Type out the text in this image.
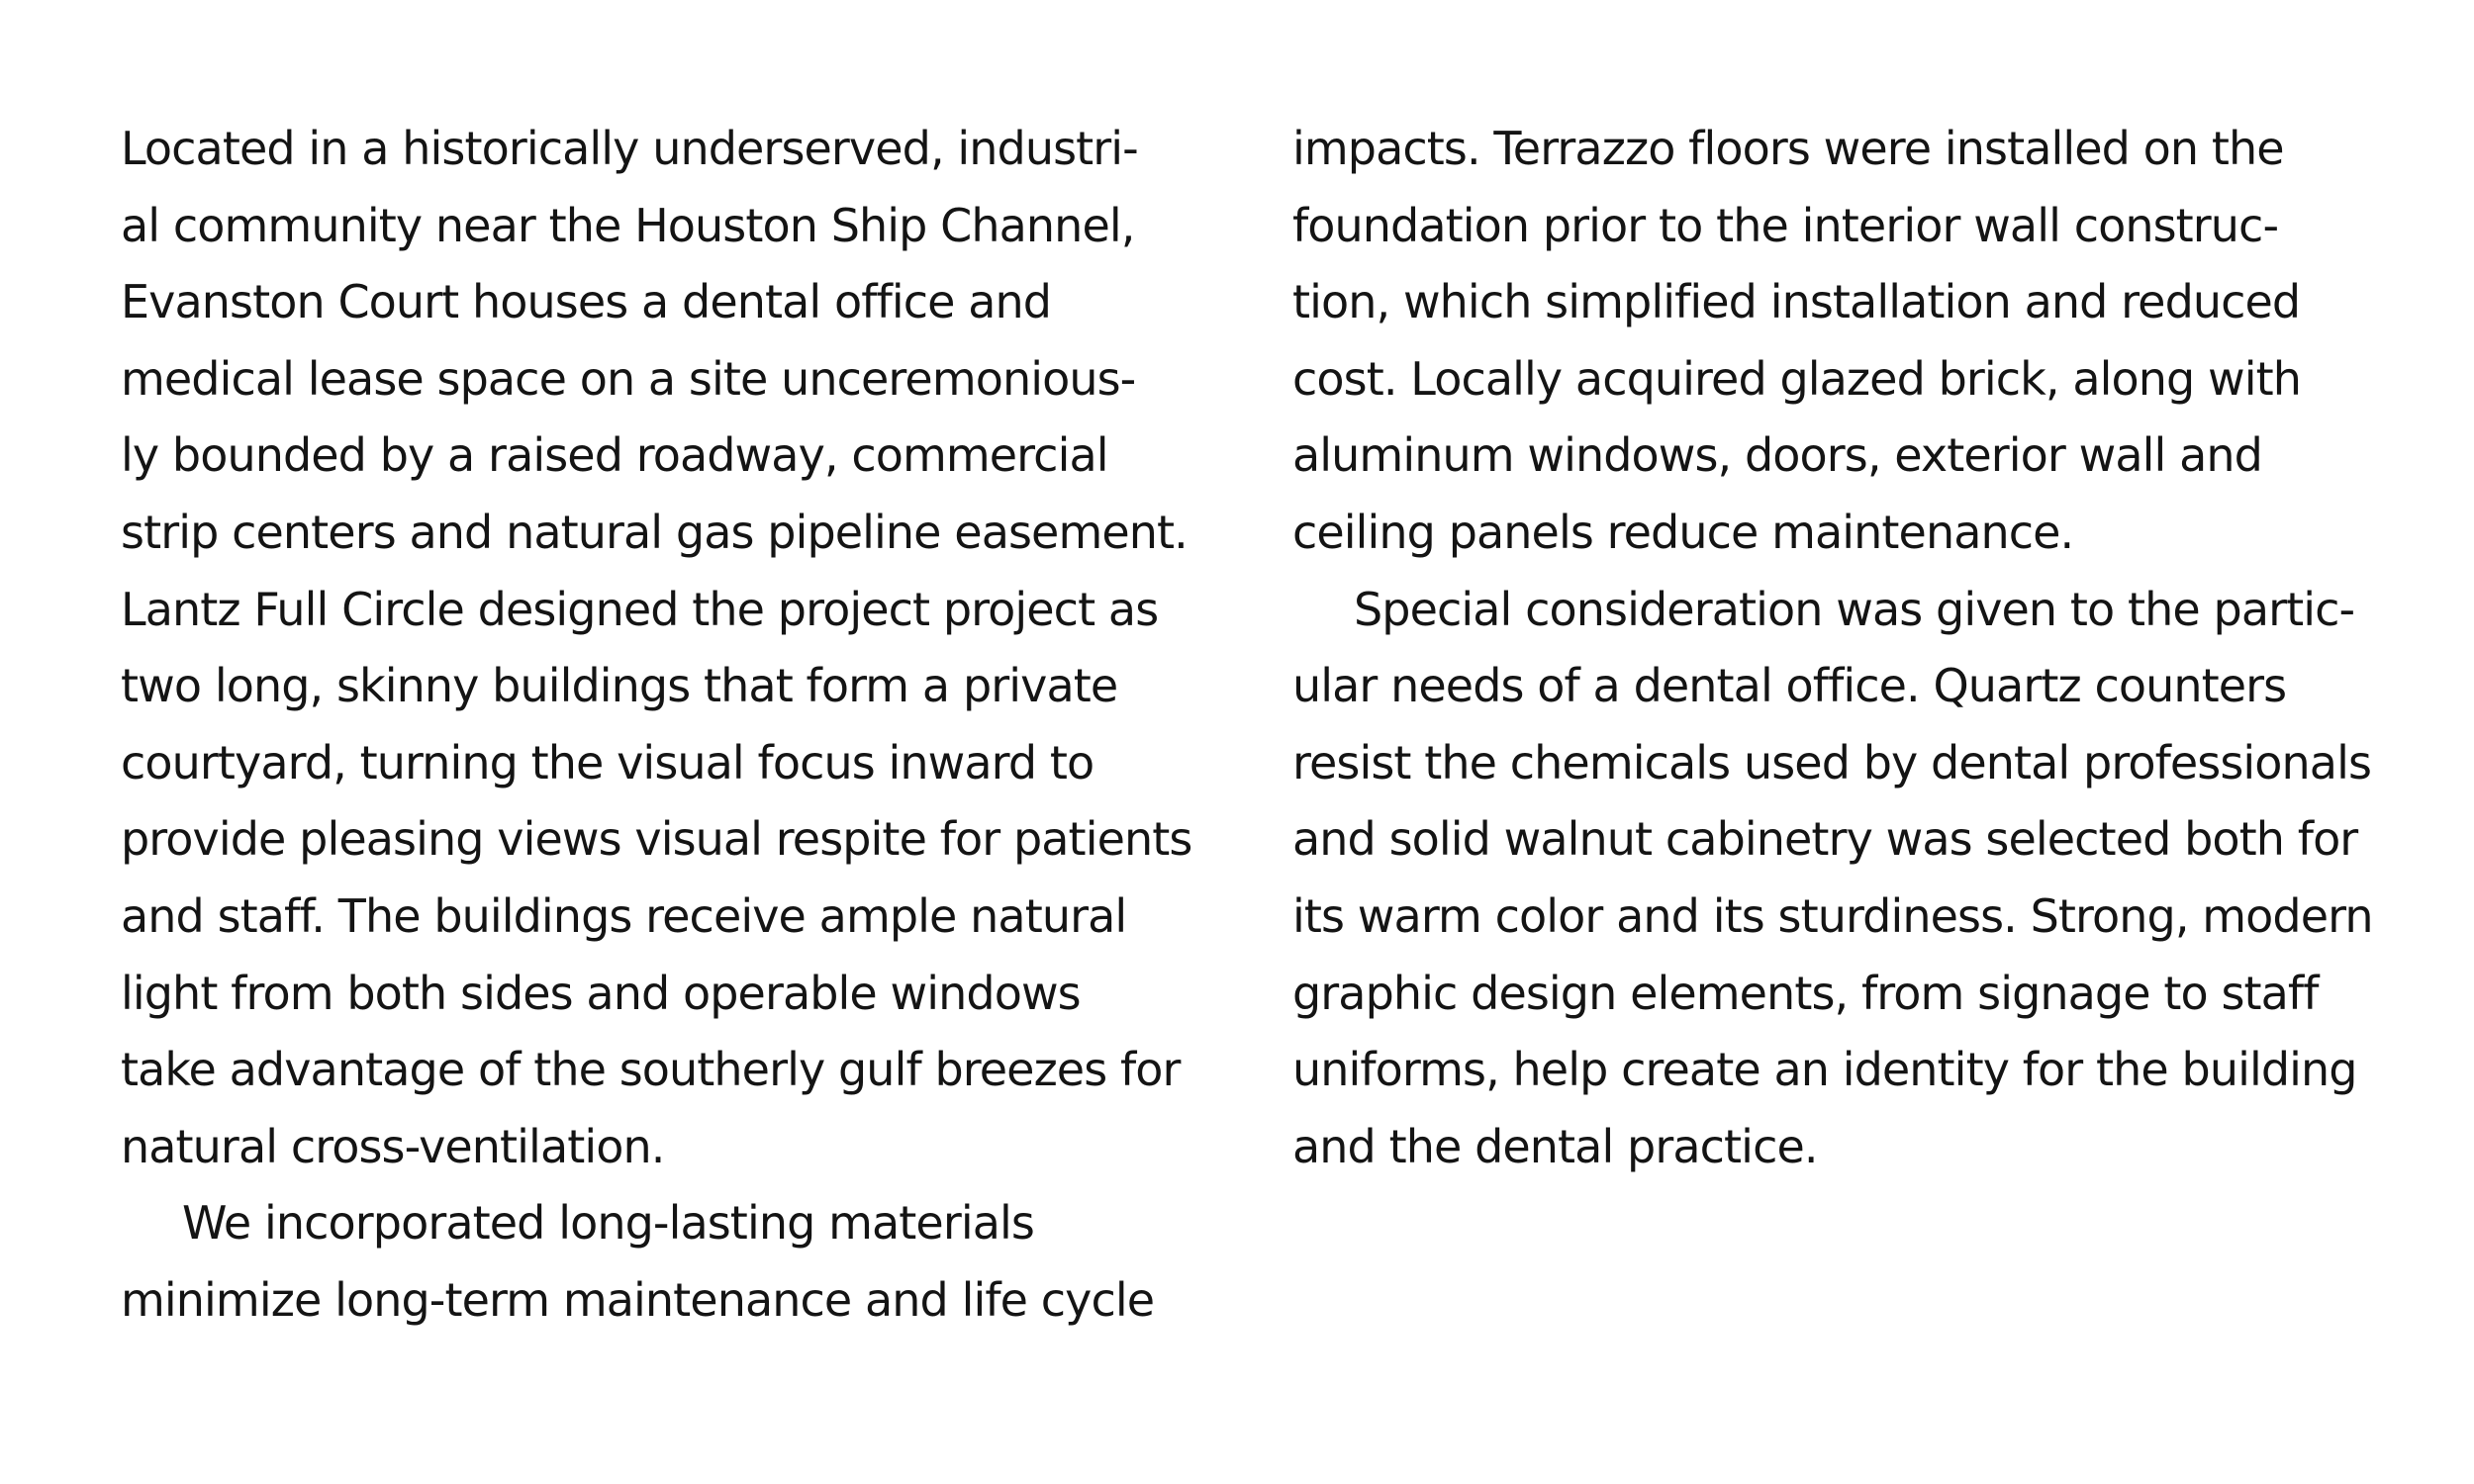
Located in a historically underserved, industri-
al community near the Houston Ship Channel,
Evanston Court houses a dental office and
medical lease space on a site unceremonious-
ly bounded by a raised roadway, commercial
strip centers and natural gas pipeline easement.
Lantz Full Circle designed the project project as
two long, skinny buildings that form a private
courtyard, turning the visual focus inward to
provide pleasing views visual respite for patients
and staff. The buildings receive ample natural
light from both sides and operable windows
take advantage of the southerly gulf breezes for
natural cross-ventilation.
We incorporated long-lasting materials
minimize long-term maintenance and life cycle
impacts. Terrazzo floors were installed on the
foundation prior to the interior wall construc-
tion, which simplified installation and reduced
cost. Locally acquired glazed brick, along with
aluminum windows, doors, exterior wall and
ceiling panels reduce maintenance.
Special consideration was given to the partic-
ular needs of a dental office. Quartz counters
resist the chemicals used by dental professionals
and solid walnut cabinetry was selected both for
its warm color and its sturdiness. Strong, modern
graphic design elements, from signage to staff
uniforms, help create an identity for the building
and the dental practice.
